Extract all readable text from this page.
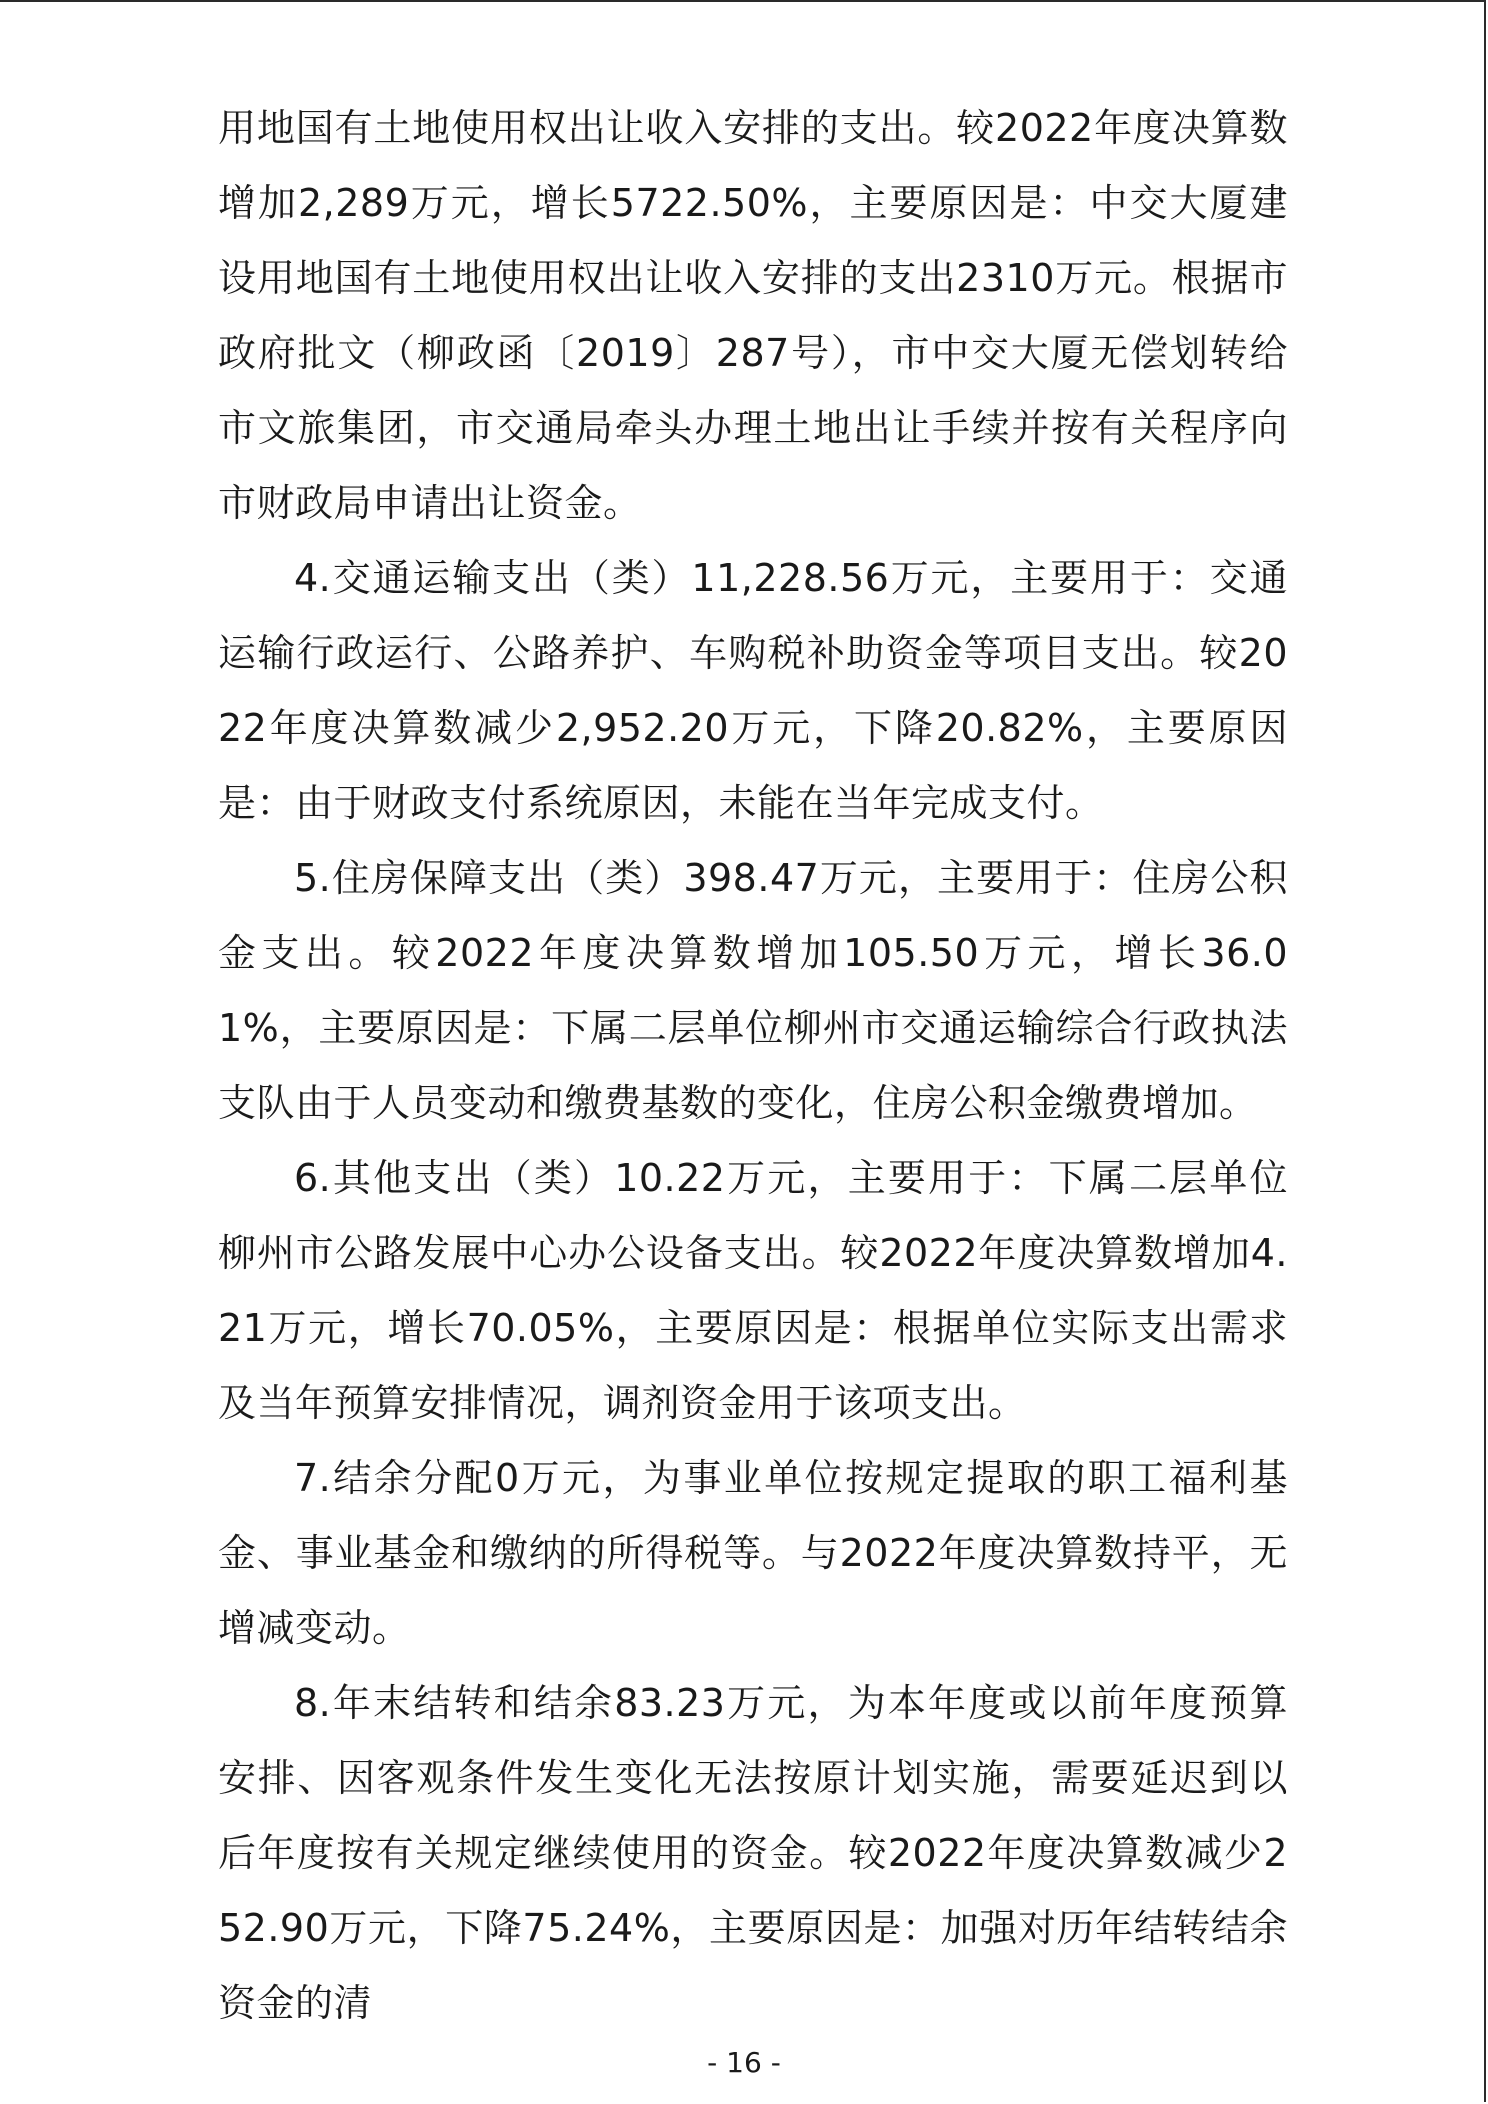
用地国有土地使用权出让收入安排的支出。较2022年度决算数增加2,289万元，增长5722.50%，主要原因是：中交大厦建设用地国有土地使用权出让收入安排的支出2310万元。根据市政府批文（柳政函〔2019〕287号），市中交大厦无偿划转给市文旅集团，市交通局牵头办理土地出让手续并按有关程序向市财政局申请出让资金。

4.交通运输支出（类）11,228.56万元，主要用于：交通运输行政运行、公路养护、车购税补助资金等项目支出。较2022年度决算数减少2,952.20万元，下降20.82%，主要原因是：由于财政支付系统原因，未能在当年完成支付。

5.住房保障支出（类）398.47万元，主要用于：住房公积金支出。较2022年度决算数增加105.50万元，增长36.01%，主要原因是：下属二层单位柳州市交通运输综合行政执法支队由于人员变动和缴费基数的变化，住房公积金缴费增加。

6.其他支出（类）10.22万元，主要用于：下属二层单位柳州市公路发展中心办公设备支出。较2022年度决算数增加4.21万元，增长70.05%，主要原因是：根据单位实际支出需求及当年预算安排情况，调剂资金用于该项支出。

7.结余分配0万元，为事业单位按规定提取的职工福利基金、事业基金和缴纳的所得税等。与2022年度决算数持平，无增减变动。

8.年末结转和结余83.23万元，为本年度或以前年度预算安排、因客观条件发生变化无法按原计划实施，需要延迟到以后年度按有关规定继续使用的资金。较2022年度决算数减少252.90万元，下降75.24%，主要原因是：加强对历年结转结余资金的清

- 16 -
